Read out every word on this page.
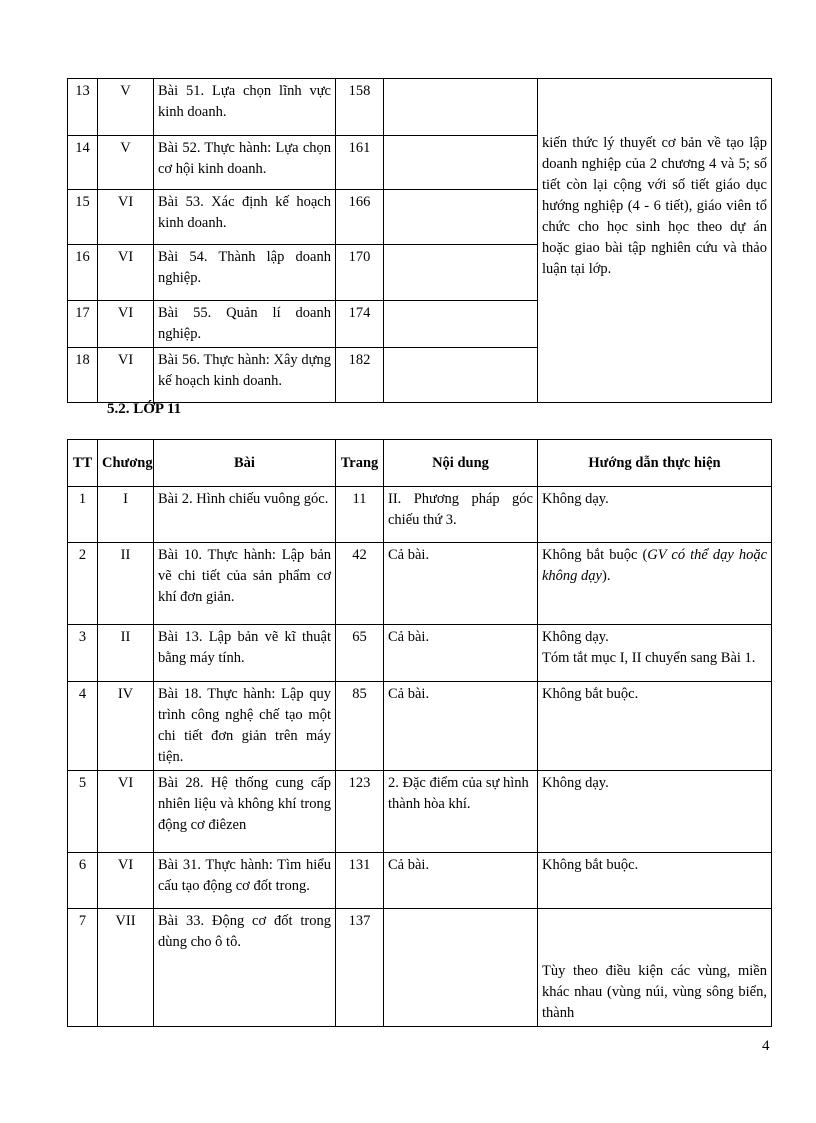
13	V	Bài 51. Lựa chọn lĩnh vực kinh doanh.	158		kiến thức lý thuyết cơ bản về tạo lập doanh nghiệp của 2 chương 4 và 5; số tiết còn lại cộng với số tiết giáo dục hướng nghiệp (4 - 6 tiết), giáo viên tổ chức cho học sinh học theo dự án hoặc giao bài tập nghiên cứu và thảo luận tại lớp.
14	V	Bài 52. Thực hành: Lựa chọn cơ hội kinh doanh.	161		
15	VI	Bài 53. Xác định kế hoạch kinh doanh.	166		
16	VI	Bài 54. Thành lập doanh nghiệp.	170		
17	VI	Bài 55. Quản lí doanh nghiệp.	174		
18	VI	Bài 56. Thực hành: Xây dựng kế hoạch kinh doanh.	182		
5.2. LỚP 11
TT	Chương	Bài	Trang	Nội dung	Hướng dẫn thực hiện
1	I	Bài 2. Hình chiếu vuông góc.	11	II. Phương pháp góc chiếu thứ 3.	Không dạy.
2	II	Bài 10. Thực hành: Lập bản vẽ chi tiết của sản phẩm cơ khí đơn giản.	42	Cả bài.	Không bắt buộc (GV có thể dạy hoặc không dạy).
3	II	Bài 13. Lập bản vẽ kĩ thuật bằng máy tính.	65	Cả bài.	Không dạy.
Tóm tắt mục I, II chuyển sang Bài 1.

4	IV	Bài 18. Thực hành: Lập quy trình công nghệ chế tạo một chi tiết đơn giản trên máy tiện.	85	Cả bài.	Không bắt buộc.
5	VI	Bài 28. Hệ thống cung cấp nhiên liệu và không khí trong động cơ điêzen	123	2. Đặc điểm của sự hình thành hòa khí.	Không dạy.
6	VI	Bài 31. Thực hành: Tìm hiểu cấu tạo động cơ đốt trong.	131	Cả bài.	Không bắt buộc.
7	VII	Bài 33. Động cơ đốt trong dùng cho ô tô.	137		Tùy theo điều kiện các vùng, miền khác nhau (vùng núi, vùng sông biển, thành
4
